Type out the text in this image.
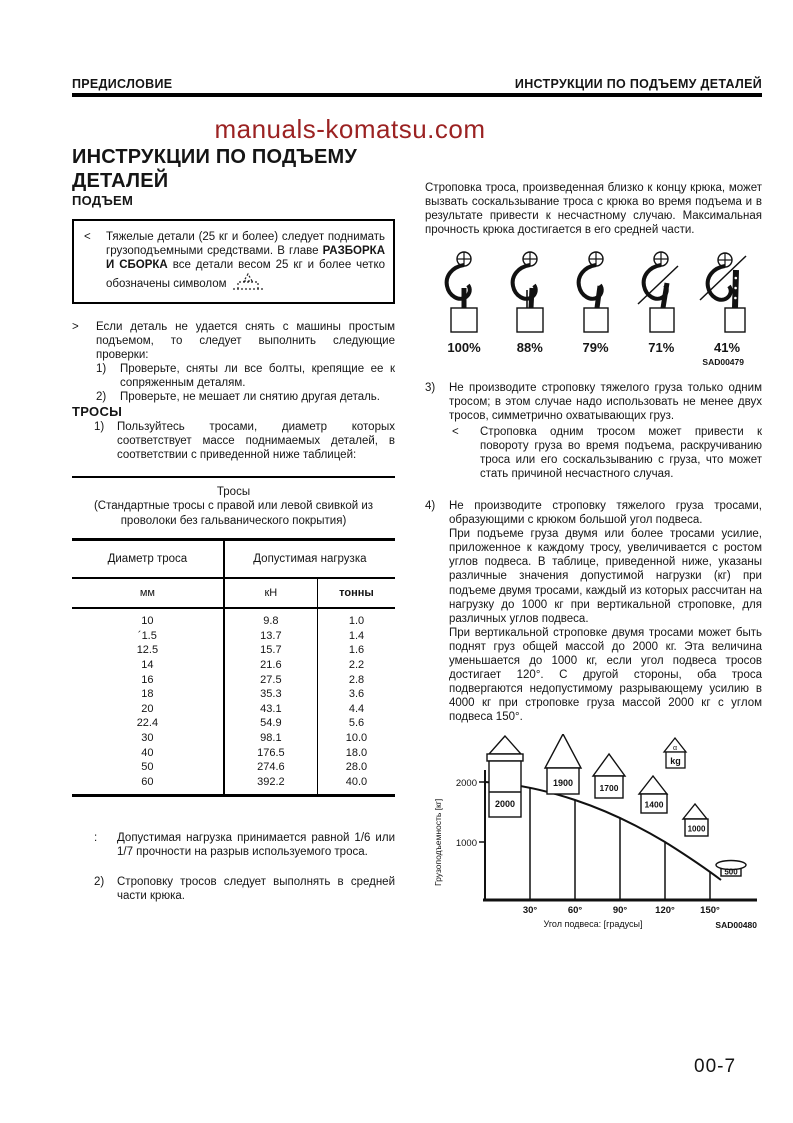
ПРЕДИСЛОВИЕ	ИНСТРУКЦИИ ПО ПОДЪЕМУ ДЕТАЛЕЙ
manuals-komatsu.com
ИНСТРУКЦИИ ПО ПОДЪЕМУ ДЕТАЛЕЙ
ПОДЪЕМ
<	Тяжелые детали (25 кг и более) следует поднимать грузоподъемными средствами. В главе РАЗБОРКА И СБОРКА все детали весом 25 кг и более четко обозначены символом
>	Если деталь не удается снять с машины простым подъемом, то следует выполнить следующие проверки:

1)	Проверьте, сняты ли все болты, крепящие ее к сопряженным деталям.
2)	Проверьте, не мешает ли снятию другая деталь.
ТРОСЫ
1)	Пользуйтесь тросами, диаметр которых соответствует массе поднимаемых деталей, в соответствии с приведенной ниже таблицей:
Тросы
(Стандартные тросы с правой или левой свивкой из проволоки без гальванического покрытия)
Диаметр троса	Допустимая нагрузка	
мм	кН	тонны

10	9.8	1.0
´1.5	13.7	1.4
12.5	15.7	1.6
14	21.6	2.2
16	27.5	2.8
18	35.3	3.6
20	43.1	4.4
22.4	54.9	5.6
30	98.1	10.0
40	176.5	18.0
50	274.6	28.0
60	392.2	40.0

:	Допустимая нагрузка принимается равной 1/6 или 1/7 прочности на разрыв используемого троса.
2)	Строповку тросов следует выполнять в средней части крюка.

Строповка троса, произведенная близко к концу крюка, может вызвать соскальзывание троса с крюка во время подъема и в результате привести к несчастному случаю. Максимальная прочность крюка достигается в его средней части.

100%	88%	79%	71%	41%
SAD00479
3)	Не производите строповку тяжелого груза только одним тросом; в этом случае надо использовать не менее двух тросов, симметрично охватывающих груз.

<	Строповка одним тросом может привести к повороту груза во время подъема, раскручиванию троса или его соскальзыванию с груза, что может стать причиной несчастного случая.
4)	Не производите строповку тяжелого груза тросами, образующими с крюком большой угол подвеса.

При подъеме груза двумя или более тросами усилие, приложенное к каждому тросу, увеличивается с ростом углов подвеса. В таблице, приведенной ниже, указаны различные значения допустимой нагрузки (кг) при подъеме двумя тросами, каждый из которых рассчитан на нагрузку до 1000 кг при вертикальной строповке, для различных углов подвеса.

При вертикальной строповке двумя тросами может быть поднят груз общей массой до 2000 кг. Эта величина уменьшается до 1000 кг, если угол подвеса тросов достигает 120°. С другой стороны, оба троса подвергаются недопустимому разрывающему усилию в 4000 кг при строповке груза массой 2000 кг с углом подвеса 150°.

2000
1000
2000
1900	1700
1400
1000
500
α
kg
30°	60°	90°	120°	150°
Угол подвеса: [градусы]
Грузоподъемность [кг]
SAD00480
00-7
